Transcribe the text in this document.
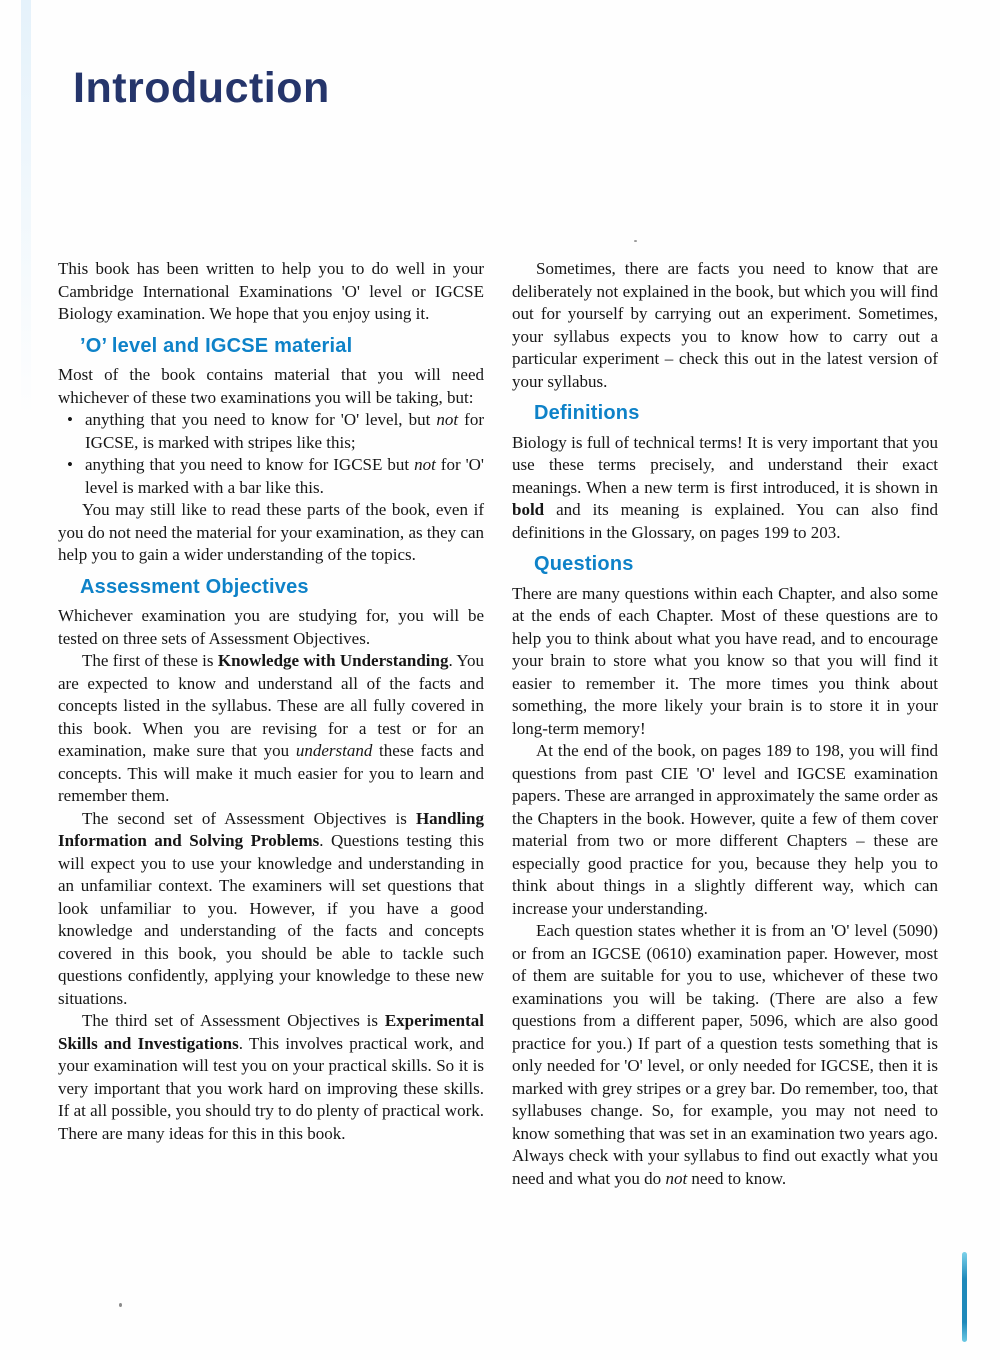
Introduction

This book has been written to help you to do well in your Cambridge International Examinations 'O' level or IGCSE Biology examination. We hope that you enjoy using it.

’O’ level and IGCSE material

Most of the book contains material that you will need whichever of these two examinations you will be taking, but:

• anything that you need to know for 'O' level, but not for IGCSE, is marked with stripes like this;
• anything that you need to know for IGCSE but not for 'O' level is marked with a bar like this.

You may still like to read these parts of the book, even if you do not need the material for your examination, as they can help you to gain a wider understanding of the topics.

Assessment Objectives

Whichever examination you are studying for, you will be tested on three sets of Assessment Objectives.

The first of these is Knowledge with Understanding. You are expected to know and understand all of the facts and concepts listed in the syllabus. These are all fully covered in this book. When you are revising for a test or for an examination, make sure that you understand these facts and concepts. This will make it much easier for you to learn and remember them.

The second set of Assessment Objectives is Handling Information and Solving Problems. Questions testing this will expect you to use your knowledge and understanding in an unfamiliar context. The examiners will set questions that look unfamiliar to you. However, if you have a good knowledge and understanding of the facts and concepts covered in this book, you should be able to tackle such questions confidently, applying your knowledge to these new situations.

The third set of Assessment Objectives is Experimental Skills and Investigations. This involves practical work, and your examination will test you on your practical skills. So it is very important that you work hard on improving these skills. If at all possible, you should try to do plenty of practical work. There are many ideas for this in this book.

Sometimes, there are facts you need to know that are deliberately not explained in the book, but which you will find out for yourself by carrying out an experiment. Sometimes, your syllabus expects you to know how to carry out a particular experiment – check this out in the latest version of your syllabus.

Definitions

Biology is full of technical terms! It is very important that you use these terms precisely, and understand their exact meanings. When a new term is first introduced, it is shown in bold and its meaning is explained. You can also find definitions in the Glossary, on pages 199 to 203.

Questions

There are many questions within each Chapter, and also some at the ends of each Chapter. Most of these questions are to help you to think about what you have read, and to encourage your brain to store what you know so that you will find it easier to remember it. The more times you think about something, the more likely your brain is to store it in your long-term memory!

At the end of the book, on pages 189 to 198, you will find questions from past CIE 'O' level and IGCSE examination papers. These are arranged in approximately the same order as the Chapters in the book. However, quite a few of them cover material from two or more different Chapters – these are especially good practice for you, because they help you to think about things in a slightly different way, which can increase your understanding.

Each question states whether it is from an 'O' level (5090) or from an IGCSE (0610) examination paper. However, most of them are suitable for you to use, whichever of these two examinations you will be taking. (There are also a few questions from a different paper, 5096, which are also good practice for you.) If part of a question tests something that is only needed for 'O' level, or only needed for IGCSE, then it is marked with grey stripes or a grey bar. Do remember, too, that syllabuses change. So, for example, you may not need to know something that was set in an examination two years ago. Always check with your syllabus to find out exactly what you need and what you do not need to know.
